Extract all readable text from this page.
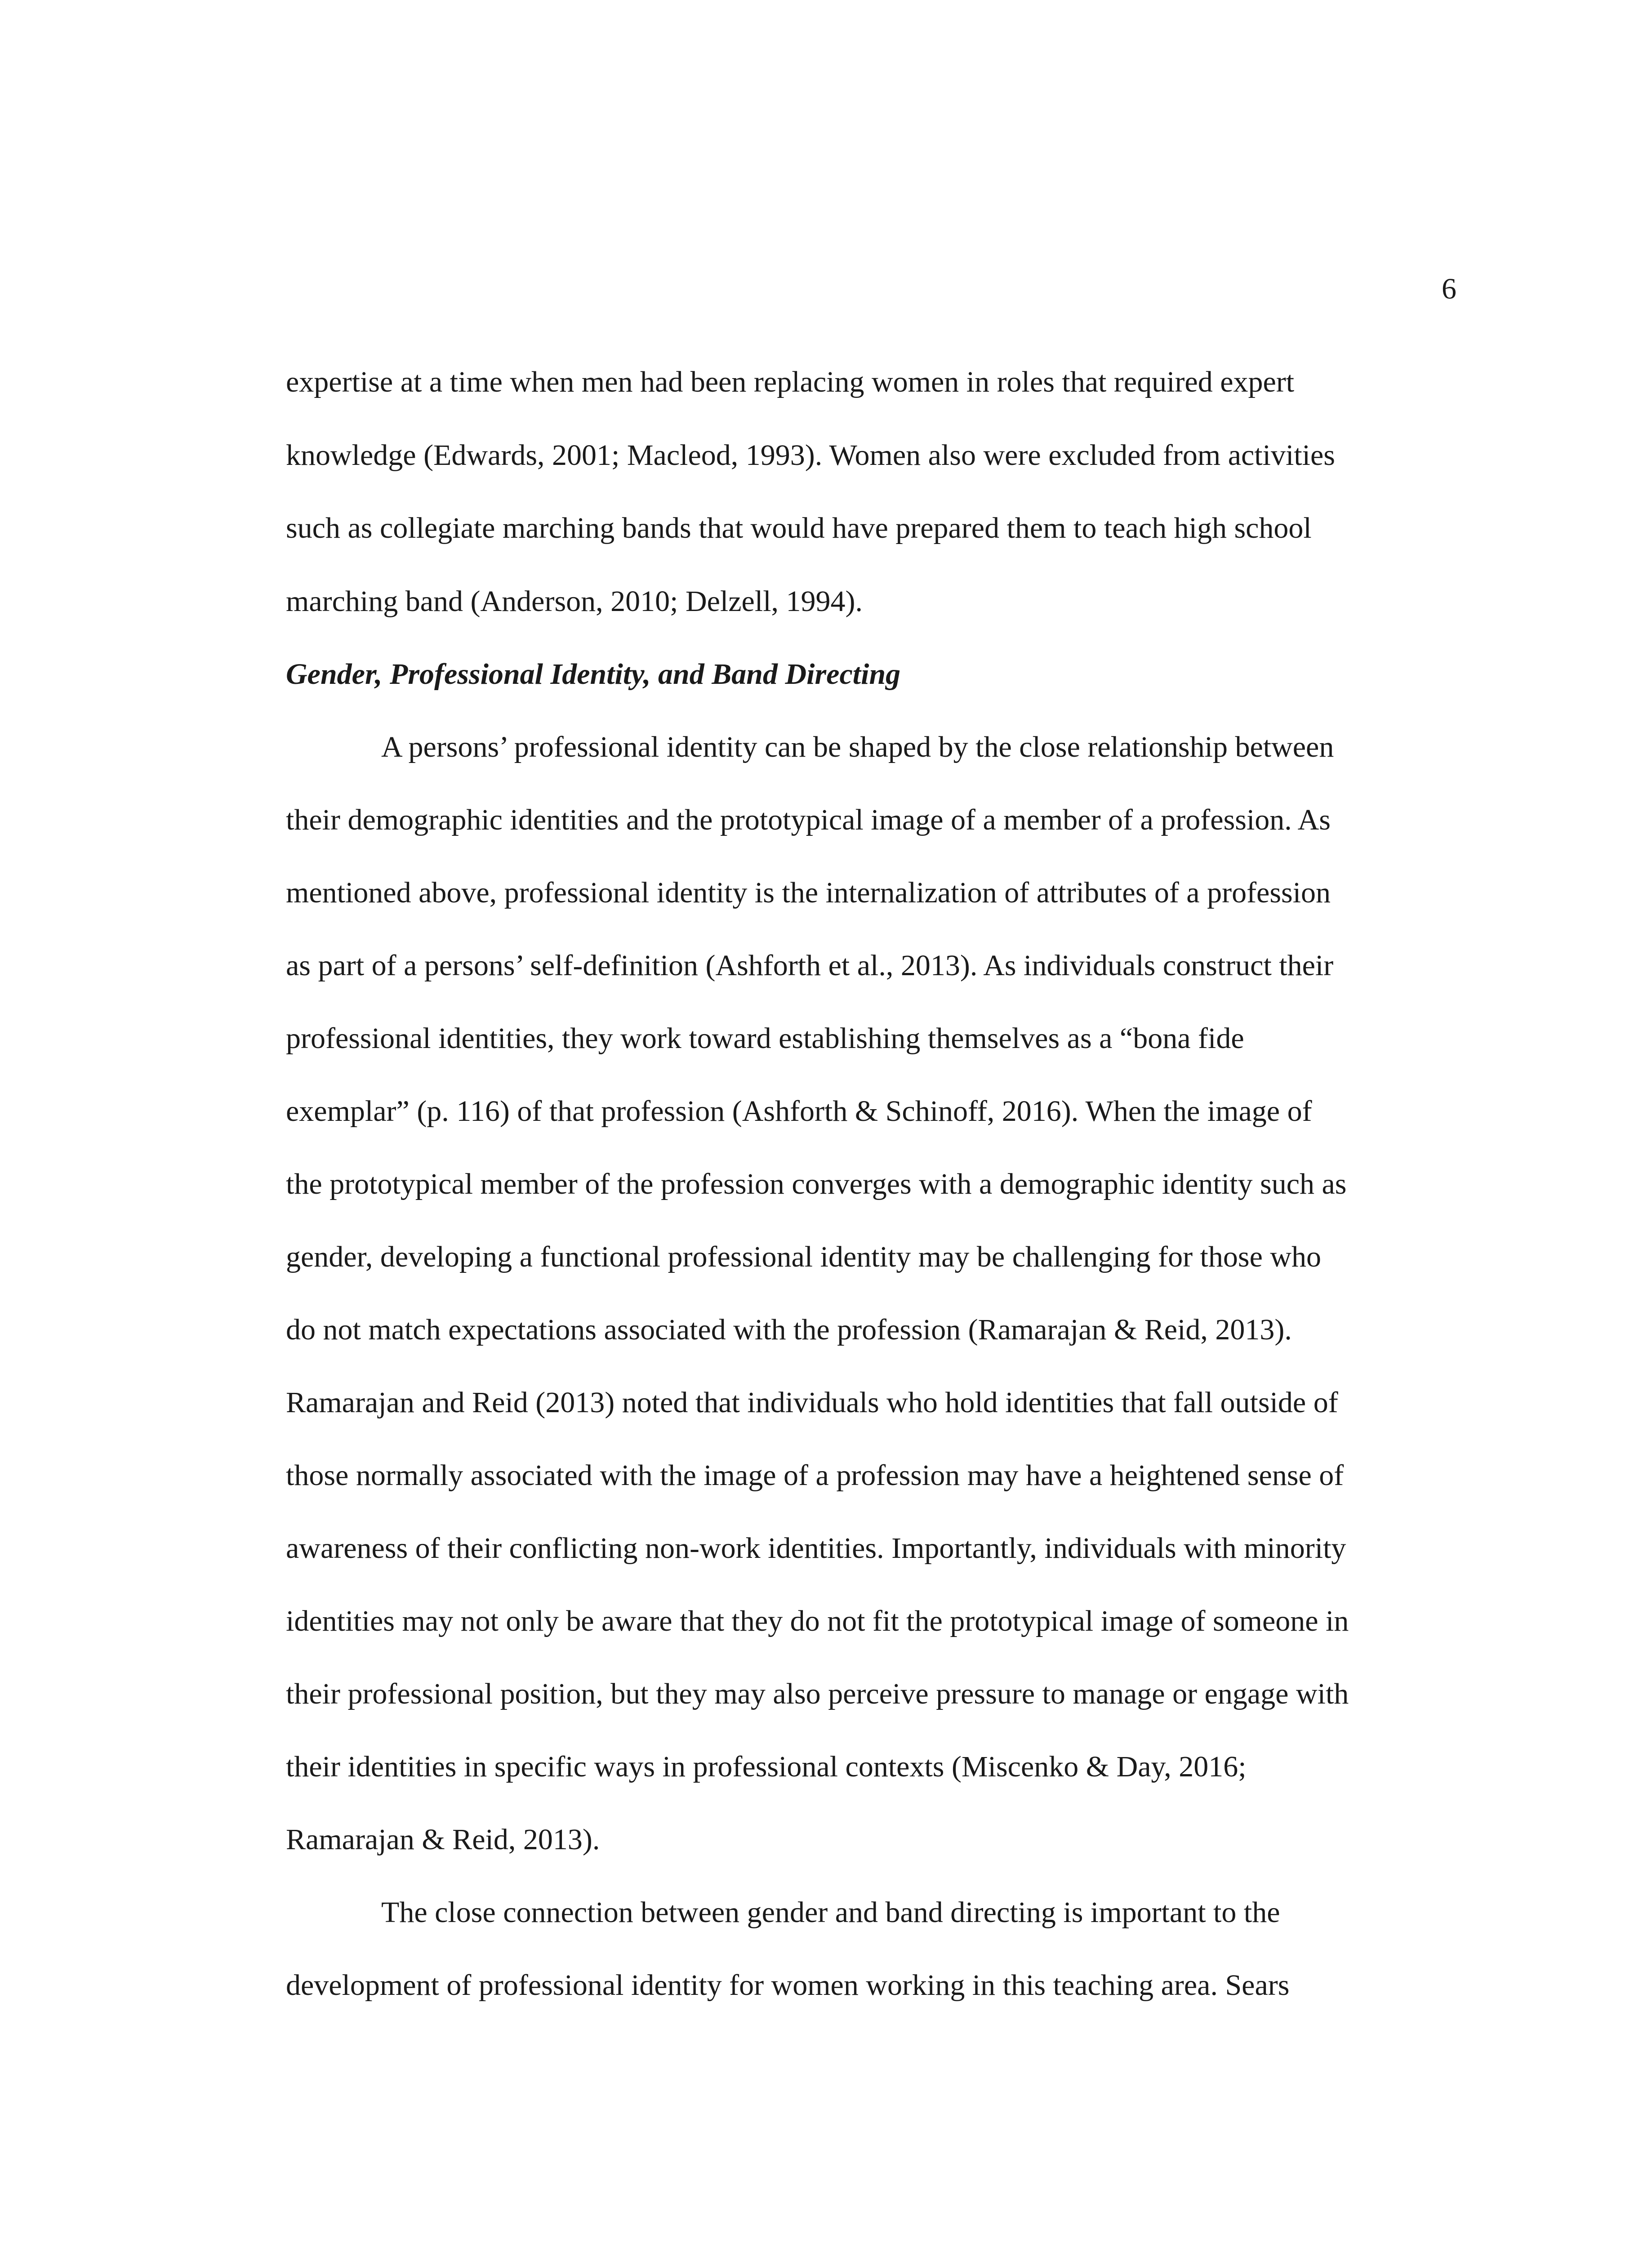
6
expertise at a time when men had been replacing women in roles that required expert
knowledge (Edwards, 2001; Macleod, 1993). Women also were excluded from activities
such as collegiate marching bands that would have prepared them to teach high school
marching band (Anderson, 2010; Delzell, 1994).
Gender, Professional Identity, and Band Directing
A persons’ professional identity can be shaped by the close relationship between
their demographic identities and the prototypical image of a member of a profession. As
mentioned above, professional identity is the internalization of attributes of a profession
as part of a persons’ self-definition (Ashforth et al., 2013). As individuals construct their
professional identities, they work toward establishing themselves as a “bona fide
exemplar” (p. 116) of that profession (Ashforth & Schinoff, 2016). When the image of
the prototypical member of the profession converges with a demographic identity such as
gender, developing a functional professional identity may be challenging for those who
do not match expectations associated with the profession (Ramarajan & Reid, 2013).
Ramarajan and Reid (2013) noted that individuals who hold identities that fall outside of
those normally associated with the image of a profession may have a heightened sense of
awareness of their conflicting non-work identities. Importantly, individuals with minority
identities may not only be aware that they do not fit the prototypical image of someone in
their professional position, but they may also perceive pressure to manage or engage with
their identities in specific ways in professional contexts (Miscenko & Day, 2016;
Ramarajan & Reid, 2013).
The close connection between gender and band directing is important to the
development of professional identity for women working in this teaching area. Sears
